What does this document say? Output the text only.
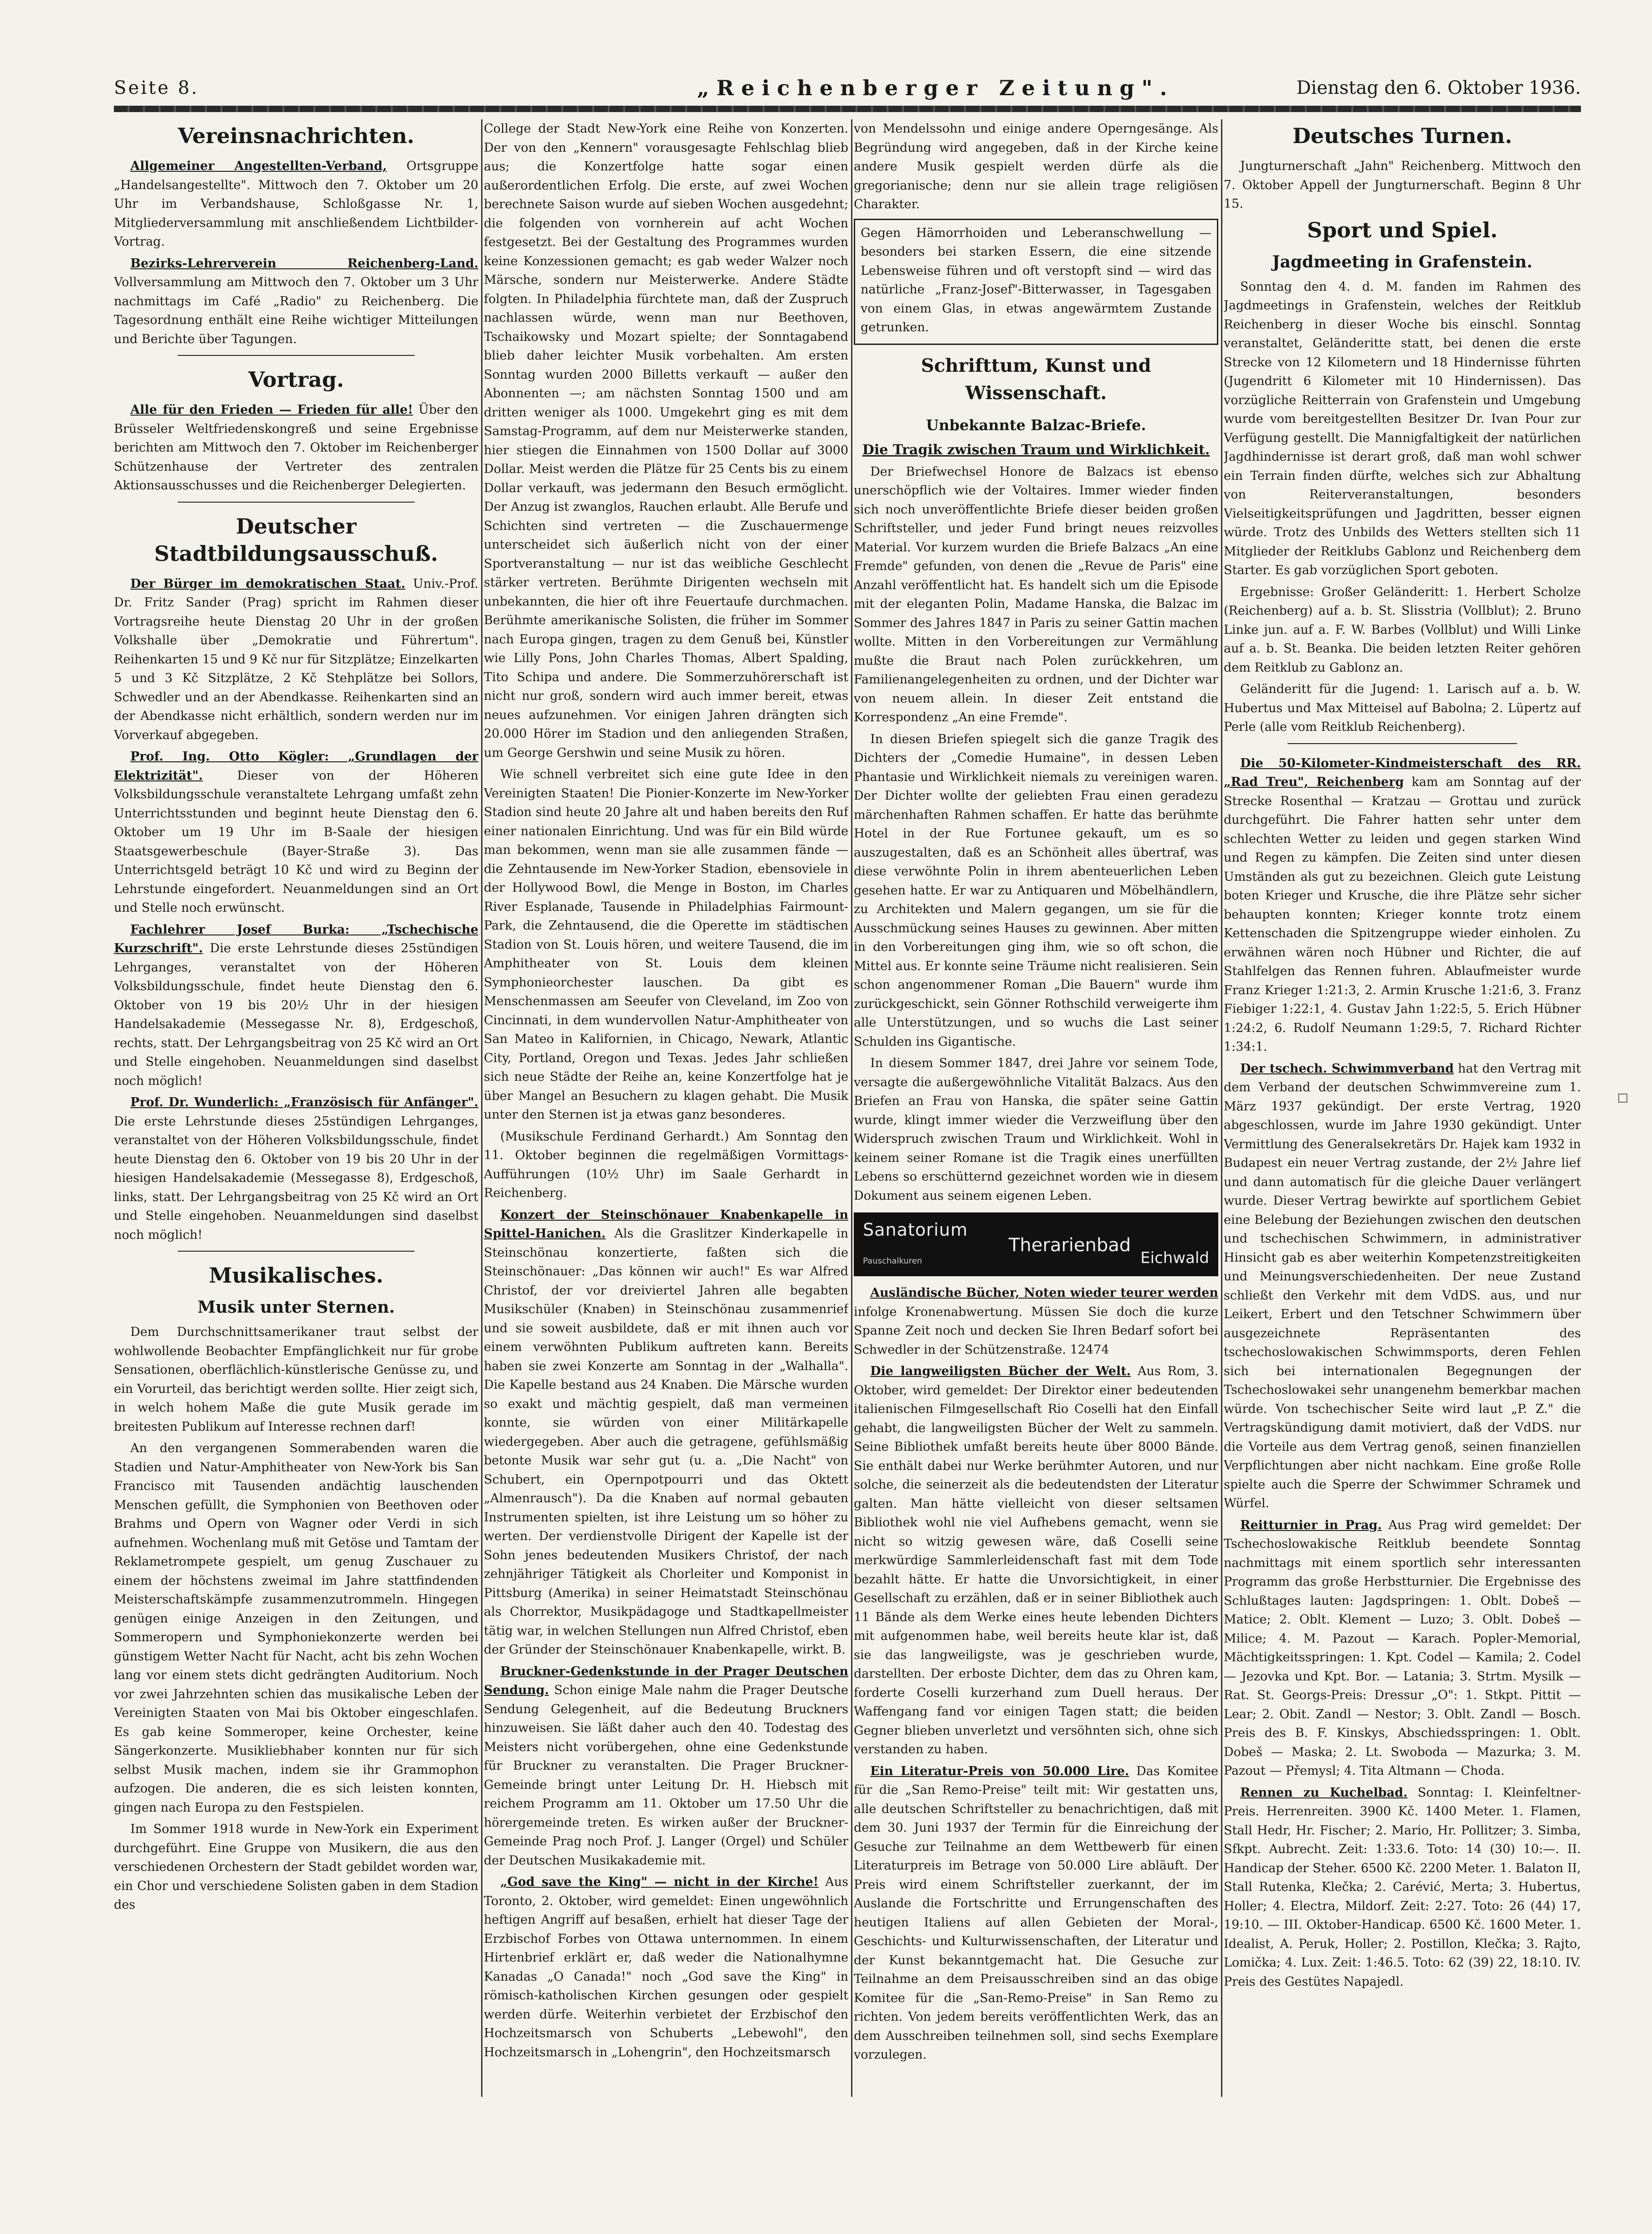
Seite 8.	„Reichenberger Zeitung".	Dienstag den 6. Oktober 1936.
Vereinsnachrichten.

Allgemeiner Angestellten-Verband, Ortsgruppe „Handelsangestellte". Mittwoch den 7. Oktober um 20 Uhr im Verbandshause, Schloßgasse Nr. 1, Mitgliederversammlung mit anschließendem Lichtbilder-Vortrag.

Bezirks-Lehrerverein Reichenberg-Land. Vollversammlung am Mittwoch den 7. Oktober um 3 Uhr nachmittags im Café „Radio" zu Reichenberg. Die Tagesordnung enthält eine Reihe wichtiger Mitteilungen und Berichte über Tagungen.

Vortrag.

Alle für den Frieden — Frieden für alle! Über den Brüsseler Weltfriedenskongreß und seine Ergebnisse berichten am Mittwoch den 7. Oktober im Reichenberger Schützenhause der Vertreter des zentralen Aktionsausschusses und die Reichenberger Delegierten.

Deutscher Stadtbildungsausschuß.

Der Bürger im demokratischen Staat. Univ.-Prof. Dr. Fritz Sander (Prag) spricht im Rahmen dieser Vortragsreihe heute Dienstag 20 Uhr in der großen Volkshalle über „Demokratie und Führertum". Reihenkarten 15 und 9 Kč nur für Sitzplätze; Einzelkarten 5 und 3 Kč Sitzplätze, 2 Kč Stehplätze bei Sollors, Schwedler und an der Abendkasse. Reihenkarten sind an der Abendkasse nicht erhältlich, sondern werden nur im Vorverkauf abgegeben.

Prof. Ing. Otto Kögler: „Grundlagen der Elektrizität".	Dieser von der Höheren Volksbildungsschule veranstaltete Lehrgang umfaßt zehn Unterrichtsstunden und beginnt heute Dienstag den 6. Oktober um 19 Uhr im B-Saale der hiesigen Staatsgewerbeschule (Bayer-Straße 3). Das Unterrichtsgeld beträgt 10 Kč und wird zu Beginn der Lehrstunde eingefordert. Neuanmeldungen sind an Ort und Stelle noch erwünscht.

Fachlehrer Josef Burka: „Tschechische Kurzschrift". Die erste Lehrstunde dieses 25stündigen Lehrganges, veranstaltet von der Höheren Volksbildungsschule, findet heute Dienstag den 6. Oktober von 19 bis 20½ Uhr in der hiesigen Handelsakademie (Messegasse Nr. 8), Erdgeschoß, rechts, statt. Der Lehrgangsbeitrag von 25 Kč wird an Ort und Stelle eingehoben. Neuanmeldungen sind daselbst noch möglich!

Prof. Dr. Wunderlich: „Französisch für Anfänger". Die erste Lehrstunde dieses 25stündigen Lehrganges, veranstaltet von der Höheren Volksbildungsschule, findet heute Dienstag den 6. Oktober von 19 bis 20 Uhr in der hiesigen Handelsakademie (Messegasse 8), Erdgeschoß, links, statt. Der Lehrgangsbeitrag von 25 Kč wird an Ort und Stelle eingehoben. Neuanmeldungen sind daselbst noch möglich!

Musikalisches.
Musik unter Sternen.

Dem Durchschnittsamerikaner traut selbst der wohlwollende Beobachter Empfänglichkeit nur für grobe Sensationen, oberflächlich-künstlerische Genüsse zu, und ein Vorurteil, das berichtigt werden sollte. Hier zeigt sich, in welch hohem Maße die gute Musik gerade im breitesten Publikum auf Interesse rechnen darf!

An den vergangenen Sommerabenden waren die Stadien und Natur-Amphitheater von New-York bis San Francisco mit Tausenden andächtig lauschenden Menschen gefüllt, die Symphonien von Beethoven oder Brahms und Opern von Wagner oder Verdi in sich aufnehmen. Wochenlang muß mit Getöse und Tamtam der Reklametrompete gespielt, um genug Zuschauer zu einem der höchstens zweimal im Jahre stattfindenden Meisterschaftskämpfe zusammenzutrommeln. Hingegen genügen einige Anzeigen in den Zeitungen, und Sommeropern und Symphoniekonzerte werden bei günstigem Wetter Nacht für Nacht, acht bis zehn Wochen lang vor einem stets dicht gedrängten Auditorium. Noch vor zwei Jahrzehnten schien das musikalische Leben der Vereinigten Staaten von Mai bis Oktober eingeschlafen. Es gab keine Sommeroper, keine Orchester, keine Sängerkonzerte. Musikliebhaber konnten nur für sich selbst Musik machen, indem sie ihr Grammophon aufzogen. Die anderen, die es sich leisten konnten, gingen nach Europa zu den Festspielen.

Im Sommer 1918 wurde in New-York ein Experiment durchgeführt. Eine Gruppe von Musikern, die aus den verschiedenen Orchestern der Stadt gebildet worden war, ein Chor und verschiedene Solisten gaben in dem Stadion des

College der Stadt New-York eine Reihe von Konzerten. Der von den „Kennern" vorausgesagte Fehlschlag blieb aus; die Konzertfolge hatte sogar einen außerordentlichen Erfolg. Die erste, auf zwei Wochen berechnete Saison wurde auf sieben Wochen ausgedehnt; die folgenden von vornherein auf acht Wochen festgesetzt. Bei der Gestaltung des Programmes wurden keine Konzessionen gemacht; es gab weder Walzer noch Märsche, sondern nur Meisterwerke. Andere Städte folgten. In Philadelphia fürchtete man, daß der Zuspruch nachlassen würde, wenn man nur Beethoven, Tschaikowsky und Mozart spielte; der Sonntagabend blieb daher leichter Musik vorbehalten. Am ersten Sonntag wurden 2000 Billetts verkauft — außer den Abonnenten —; am nächsten Sonntag 1500 und am dritten weniger als 1000. Umgekehrt ging es mit dem Samstag-Programm, auf dem nur Meisterwerke standen, hier stiegen die Einnahmen von 1500 Dollar auf 3000 Dollar. Meist werden die Plätze für 25 Cents bis zu einem Dollar verkauft, was jedermann den Besuch ermöglicht. Der Anzug ist zwanglos, Rauchen erlaubt. Alle Berufe und Schichten sind vertreten — die Zuschauermenge unterscheidet sich äußerlich nicht von der einer Sportveranstaltung — nur ist das weibliche Geschlecht stärker vertreten. Berühmte Dirigenten wechseln mit unbekannten, die hier oft ihre Feuertaufe durchmachen. Berühmte amerikanische Solisten, die früher im Sommer nach Europa gingen, tragen zu dem Genuß bei, Künstler wie Lilly Pons, John Charles Thomas, Albert Spalding, Tito Schipa und andere. Die Sommerzuhörerschaft ist nicht nur groß, sondern wird auch immer bereit, etwas neues aufzunehmen. Vor einigen Jahren drängten sich 20.000 Hörer im Stadion und den anliegenden Straßen, um George Gershwin und seine Musik zu hören.

Wie schnell verbreitet sich eine gute Idee in den Vereinigten Staaten! Die Pionier-Konzerte im New-Yorker Stadion sind heute 20 Jahre alt und haben bereits den Ruf einer nationalen Einrichtung. Und was für ein Bild würde man bekommen, wenn man sie alle zusammen fände — die Zehntausende im New-Yorker Stadion, ebensoviele in der Hollywood Bowl, die Menge in Boston, im Charles River Esplanade, Tausende in Philadelphias Fairmount-Park, die Zehntausend, die die Operette im städtischen Stadion von St. Louis hören, und weitere Tausend, die im Amphitheater von St. Louis dem kleinen Symphonieorchester lauschen. Da gibt es Menschenmassen am Seeufer von Cleveland, im Zoo von Cincinnati, in dem wundervollen Natur-Amphitheater von San Mateo in Kalifornien, in Chicago, Newark, Atlantic City, Portland, Oregon und Texas. Jedes Jahr schließen sich neue Städte der Reihe an, keine Konzertfolge hat je über Mangel an Besuchern zu klagen gehabt. Die Musik unter den Sternen ist ja etwas ganz besonderes.

(Musikschule Ferdinand Gerhardt.) Am Sonntag den 11. Oktober beginnen die regelmäßigen Vormittags-Aufführungen (10½ Uhr) im Saale Gerhardt in Reichenberg.

Konzert der Steinschönauer Knabenkapelle in Spittel-Hanichen. Als die Graslitzer Kinderkapelle in Steinschönau konzertierte, faßten sich die Steinschönauer: „Das können wir auch!" Es war Alfred Christof, der vor dreiviertel Jahren alle begabten Musikschüler (Knaben) in Steinschönau zusammenrief und sie soweit ausbildete, daß er mit ihnen auch vor einem verwöhnten Publikum auftreten kann. Bereits haben sie zwei Konzerte am Sonntag in der „Walhalla". Die Kapelle bestand aus 24 Knaben. Die Märsche wurden so exakt und mächtig gespielt, daß man vermeinen konnte, sie würden von einer Militärkapelle wiedergegeben. Aber auch die getragene, gefühlsmäßig betonte Musik war sehr gut (u. a. „Die Nacht" von Schubert, ein Opernpotpourri und das Oktett „Almenrausch"). Da die Knaben auf normal gebauten Instrumenten spielten, ist ihre Leistung um so höher zu werten. Der verdienstvolle Dirigent der Kapelle ist der Sohn jenes bedeutenden Musikers Christof, der nach zehnjähriger Tätigkeit als Chorleiter und Komponist in Pittsburg (Amerika) in seiner Heimatstadt Steinschönau als Chorrektor, Musikpädagoge und Stadtkapellmeister tätig war, in welchen Stellungen nun Alfred Christof, eben der Gründer der Steinschönauer Knabenkapelle, wirkt. B.

Bruckner-Gedenkstunde in der Prager Deutschen Sendung. Schon einige Male nahm die Prager Deutsche Sendung Gelegenheit, auf die Bedeutung Bruckners hinzuweisen. Sie läßt daher auch den 40. Todestag des Meisters nicht vorübergehen, ohne eine Gedenkstunde für Bruckner zu veranstalten. Die Prager Bruckner-Gemeinde bringt unter Leitung Dr. H. Hiebsch mit reichem Programm am 11. Oktober um 17.50 Uhr die hörergemeinde treten. Es wirken außer der Bruckner-Gemeinde Prag noch Prof. J. Langer (Orgel) und Schüler der Deutschen Musikakademie mit.

„God save the King" — nicht in der Kirche! Aus Toronto, 2. Oktober, wird gemeldet: Einen ungewöhnlich heftigen Angriff auf besaßen, erhielt hat dieser Tage der Erzbischof Forbes von Ottawa unternommen. In einem Hirtenbrief erklärt er, daß weder die Nationalhymne Kanadas „O Canada!" noch „God save the King" in römisch-katholischen Kirchen gesungen oder gespielt werden dürfe. Weiterhin verbietet der Erzbischof den Hochzeitsmarsch von Schuberts „Lebewohl", den Hochzeitsmarsch in „Lohengrin", den Hochzeitsmarsch

von Mendelssohn und einige andere Operngesänge. Als Begründung wird angegeben, daß in der Kirche keine andere Musik gespielt werden dürfe als die gregorianische; denn nur sie allein trage religiösen Charakter.

Gegen Hämorrhoiden und Leberanschwellung — besonders bei starken Essern, die eine sitzende Lebensweise führen und oft verstopft sind — wird das natürliche „Franz-Josef"-Bitterwasser, in Tagesgaben von einem Glas, in etwas angewärmtem Zustande getrunken.

Schrifttum, Kunst und Wissenschaft.
Unbekannte Balzac-Briefe.
Die Tragik zwischen Traum und Wirklichkeit.

Der Briefwechsel Honore de Balzacs ist ebenso unerschöpflich wie der Voltaires. Immer wieder finden sich noch unveröffentlichte Briefe dieser beiden großen Schriftsteller, und jeder Fund bringt neues reizvolles Material. Vor kurzem wurden die Briefe Balzacs „An eine Fremde" gefunden, von denen die „Revue de Paris" eine Anzahl veröffentlicht hat. Es handelt sich um die Episode mit der eleganten Polin, Madame Hanska, die Balzac im Sommer des Jahres 1847 in Paris zu seiner Gattin machen wollte. Mitten in den Vorbereitungen zur Vermählung mußte die Braut nach Polen zurückkehren, um Familienangelegenheiten zu ordnen, und der Dichter war von neuem allein. In dieser Zeit entstand die Korrespondenz „An eine Fremde".

In diesen Briefen spiegelt sich die ganze Tragik des Dichters der „Comedie Humaine", in dessen Leben Phantasie und Wirklichkeit niemals zu vereinigen waren. Der Dichter wollte der geliebten Frau einen geradezu märchenhaften Rahmen schaffen. Er hatte das berühmte Hotel in der Rue Fortunee gekauft, um es so auszugestalten, daß es an Schönheit alles übertraf, was diese verwöhnte Polin in ihrem abenteuerlichen Leben gesehen hatte. Er war zu Antiquaren und Möbelhändlern, zu Architekten und Malern gegangen, um sie für die Ausschmückung seines Hauses zu gewinnen. Aber mitten in den Vorbereitungen ging ihm, wie so oft schon, die Mittel aus. Er konnte seine Träume nicht realisieren. Sein schon angenommener Roman „Die Bauern" wurde ihm zurückgeschickt, sein Gönner Rothschild verweigerte ihm alle Unterstützungen, und so wuchs die Last seiner Schulden ins Gigantische.

In diesem Sommer 1847, drei Jahre vor seinem Tode, versagte die außergewöhnliche Vitalität Balzacs. Aus den Briefen an Frau von Hanska, die später seine Gattin wurde, klingt immer wieder die Verzweiflung über den Widerspruch zwischen Traum und Wirklichkeit. Wohl in keinem seiner Romane ist die Tragik eines unerfüllten Lebens so erschütternd gezeichnet worden wie in diesem Dokument aus seinem eigenen Leben.

Sanatorium
Therarienbad
Eichwald
Pauschalkuren

Ausländische Bücher, Noten wieder teurer werden infolge Kronenabwertung. Müssen Sie doch die kurze Spanne Zeit noch und decken Sie Ihren Bedarf sofort bei Schwedler in der Schützenstraße. 12474

Die langweiligsten Bücher der Welt. Aus Rom, 3. Oktober, wird gemeldet: Der Direktor einer bedeutenden italienischen Filmgesellschaft Rio Coselli hat den Einfall gehabt, die langweiligsten Bücher der Welt zu sammeln. Seine Bibliothek umfaßt bereits heute über 8000 Bände. Sie enthält dabei nur Werke berühmter Autoren, und nur solche, die seinerzeit als die bedeutendsten der Literatur galten. Man hätte vielleicht von dieser seltsamen Bibliothek wohl nie viel Aufhebens gemacht, wenn sie nicht so witzig gewesen wäre, daß Coselli seine merkwürdige Sammlerleidenschaft fast mit dem Tode bezahlt hätte. Er hatte die Unvorsichtigkeit, in einer Gesellschaft zu erzählen, daß er in seiner Bibliothek auch 11 Bände als dem Werke eines heute lebenden Dichters mit aufgenommen habe, weil bereits heute klar ist, daß sie das langweiligste, was je geschrieben wurde, darstellten. Der erboste Dichter, dem das zu Ohren kam, forderte Coselli kurzerhand zum Duell heraus. Der Waffengang fand vor einigen Tagen statt; die beiden Gegner blieben unverletzt und versöhnten sich, ohne sich verstanden zu haben.

Ein Literatur-Preis von 50.000 Lire. Das Komitee für die „San Remo-Preise" teilt mit: Wir gestatten uns, alle deutschen Schriftsteller zu benachrichtigen, daß mit dem 30. Juni 1937 der Termin für die Einreichung der Gesuche zur Teilnahme an dem Wettbewerb für einen Literaturpreis im Betrage von 50.000 Lire abläuft. Der Preis wird einem Schriftsteller zuerkannt, der im Auslande die Fortschritte und Errungenschaften des heutigen Italiens auf allen Gebieten der Moral-, Geschichts- und Kulturwissenschaften, der Literatur und der Kunst bekanntgemacht hat. Die Gesuche zur Teilnahme an dem Preisausschreiben sind an das obige Komitee für die „San-Remo-Preise" in San Remo zu richten. Von jedem bereits veröffentlichten Werk, das an dem Ausschreiben teilnehmen soll, sind sechs Exemplare vorzulegen.

Deutsches Turnen.

Jungturnerschaft „Jahn" Reichenberg. Mittwoch den 7. Oktober Appell der Jungturnerschaft. Beginn 8 Uhr 15.

Sport und Spiel.
Jagdmeeting in Grafenstein.

Sonntag den 4. d. M. fanden im Rahmen des Jagdmeetings in Grafenstein, welches der Reitklub Reichenberg in dieser Woche bis einschl. Sonntag veranstaltet, Geländeritte statt, bei denen die erste Strecke von 12 Kilometern und 18 Hindernisse führten (Jugendritt 6 Kilometer mit 10 Hindernissen). Das vorzügliche Reitterrain von Grafenstein und Umgebung wurde vom bereitgestellten Besitzer Dr. Ivan Pour zur Verfügung gestellt. Die Mannigfaltigkeit der natürlichen Jagdhindernisse ist derart groß, daß man wohl schwer ein Terrain finden dürfte, welches sich zur Abhaltung von Reiterveranstaltungen, besonders Vielseitigkeitsprüfungen und Jagdritten, besser eignen würde. Trotz des Unbilds des Wetters stellten sich 11 Mitglieder der Reitklubs Gablonz und Reichenberg dem Starter. Es gab vorzüglichen Sport geboten.

Ergebnisse: Großer Geländeritt: 1. Herbert Scholze (Reichenberg) auf a. b. St. Slisstria (Vollblut); 2. Bruno Linke jun. auf a. F. W. Barbes (Vollblut) und Willi Linke auf a. b. St. Beanka. Die beiden letzten Reiter gehören dem Reitklub zu Gablonz an.

Geländeritt für die Jugend: 1. Larisch auf a. b. W. Hubertus und Max Mitteisel auf Babolna; 2. Lüpertz auf Perle (alle vom Reitklub Reichenberg).

Die 50-Kilometer-Kindmeisterschaft des RR. „Rad Treu", Reichenberg kam am Sonntag auf der Strecke Rosenthal — Kratzau — Grottau und zurück durchgeführt. Die Fahrer hatten sehr unter dem schlechten Wetter zu leiden und gegen starken Wind und Regen zu kämpfen. Die Zeiten sind unter diesen Umständen als gut zu bezeichnen. Gleich gute Leistung boten Krieger und Krusche, die ihre Plätze sehr sicher behaupten konnten; Krieger konnte trotz einem Kettenschaden die Spitzengruppe wieder einholen. Zu erwähnen wären noch Hübner und Richter, die auf Stahlfelgen das Rennen fuhren. Ablaufmeister wurde Franz Krieger 1:21:3, 2. Armin Krusche 1:21:6, 3. Franz Fiebiger 1:22:1, 4. Gustav Jahn 1:22:5, 5. Erich Hübner 1:24:2, 6. Rudolf Neumann 1:29:5, 7. Richard Richter 1:34:1.

Der tschech. Schwimmverband hat den Vertrag mit dem Verband der deutschen Schwimmvereine zum 1. März 1937 gekündigt. Der erste Vertrag, 1920 abgeschlossen, wurde im Jahre 1930 gekündigt. Unter Vermittlung des Generalsekretärs Dr. Hajek kam 1932 in Budapest ein neuer Vertrag zustande, der 2½ Jahre lief und dann automatisch für die gleiche Dauer verlängert wurde. Dieser Vertrag bewirkte auf sportlichem Gebiet eine Belebung der Beziehungen zwischen den deutschen und tschechischen Schwimmern, in administrativer Hinsicht gab es aber weiterhin Kompetenzstreitigkeiten und Meinungsverschiedenheiten. Der neue Zustand schließt den Verkehr mit dem VdDS. aus, und nur Leikert, Erbert und den Tetschner Schwimmern über ausgezeichnete Repräsentanten des tschechoslowakischen Schwimmsports, deren Fehlen sich bei internationalen Begegnungen der Tschechoslowakei sehr unangenehm bemerkbar machen würde. Von tschechischer Seite wird laut „P. Z." die Vertragskündigung damit motiviert, daß der VdDS. nur die Vorteile aus dem Vertrag genoß, seinen finanziellen Verpflichtungen aber nicht nachkam. Eine große Rolle spielte auch die Sperre der Schwimmer Schramek und Würfel.

Reitturnier in Prag. Aus Prag wird gemeldet: Der Tschechoslowakische Reitklub beendete Sonntag nachmittags mit einem sportlich sehr interessanten Programm das große Herbstturnier. Die Ergebnisse des Schlußtages lauten: Jagdspringen: 1. Oblt. Dobeš — Matice; 2. Oblt. Klement — Luzo; 3. Oblt. Dobeš — Milice; 4. M. Pazout — Karach. Popler-Memorial, Mächtigkeitsspringen: 1. Kpt. Codel — Kamila; 2. Codel — Jezovka und Kpt. Bor. — Latania; 3. Strtm. Mysilk — Rat. St. Georgs-Preis: Dressur „O": 1. Stkpt. Pittit — Lear; 2. Obit. Zandl — Nestor; 3. Oblt. Zandl — Bosch. Preis des B. F. Kinskys, Abschiedsspringen: 1. Oblt. Dobeš — Maska; 2. Lt. Swoboda — Mazurka; 3. M. Pazout — Přemysl; 4. Tita Altmann — Choda.

Rennen zu Kuchelbad. Sonntag: I. Kleinfeltner-Preis. Herrenreiten. 3900 Kč. 1400 Meter. 1. Flamen, Stall Hedr, Hr. Fischer; 2. Mario, Hr. Pollitzer; 3. Simba, Sfkpt. Aubrecht. Zeit: 1:33.6. Toto: 14 (30) 10:—. II. Handicap der Steher. 6500 Kč. 2200 Meter. 1. Balaton II, Stall Rutenka, Klečka; 2. Carévić, Merta; 3. Hubertus, Holler; 4. Electra, Mildorf. Zeit: 2:27. Toto: 26 (44) 17, 19:10. — III. Oktober-Handicap. 6500 Kč. 1600 Meter. 1. Idealist, A. Peruk, Holler; 2. Postillon, Klečka; 3. Rajto, Lomička; 4. Lux. Zeit: 1:46.5. Toto: 62 (39) 22, 18:10. IV. Preis des Gestütes Napajedl.
